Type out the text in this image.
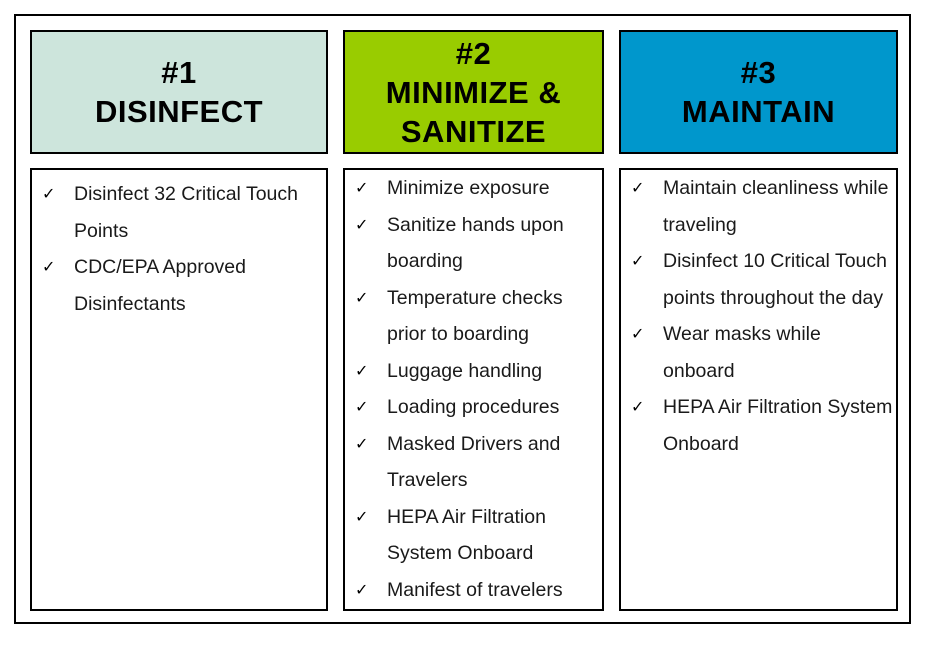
#1
DISINFECT
✓ Disinfect 32 Critical Touch Points
✓ CDC/EPA Approved Disinfectants
#2
MINIMIZE &
SANITIZE
✓ Minimize exposure
✓ Sanitize hands upon boarding
✓ Temperature checks prior to boarding
✓ Luggage handling
✓ Loading procedures
✓ Masked Drivers and Travelers
✓ HEPA Air Filtration System Onboard
✓ Manifest of travelers
#3
MAINTAIN
✓ Maintain cleanliness while traveling
✓ Disinfect 10 Critical Touch points throughout the day
✓ Wear masks while onboard
✓ HEPA Air Filtration System Onboard
